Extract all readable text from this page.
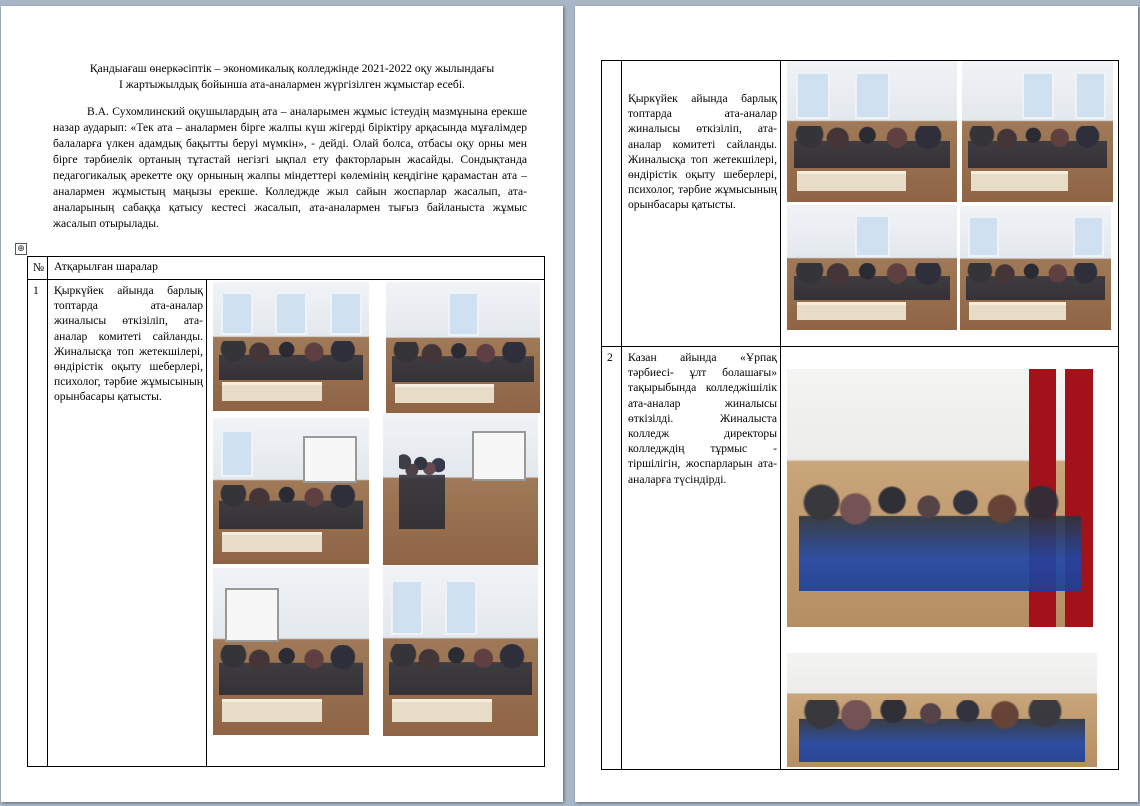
Қандыағаш өнеркәсіптік – экономикалық колледжінде 2021-2022 оқу жылындағы
I жартыжылдық бойынша ата-аналармен жүргізілген жұмыстар есебі.
В.А. Сухомлинский оқушылардың ата – аналарымен жұмыс істеудің мазмұнына ерекше назар аударып: «Тек ата – аналармен бірге жалпы күш жігерді біріктіру арқасында мұғалімдер балаларға үлкен адамдық бақытты беруі мүмкін», - дейді. Олай болса, отбасы оқу орны мен бірге тәрбиелік ортаның тұтастай негізгі ықпал ету факторларын жасайды. Сондықтанда педагогикалық әрекетте оқу орнының жалпы міндеттері көлемінің кеңдігіне қарамастан ата – аналармен жұмыстың маңызы ерекше. Колледжде жыл сайын жоспарлар жасалып, ата-аналарының сабаққа қатысу кестесі жасалып, ата-аналармен тығыз байланыста жұмыс жасалып отырылады.
⊕
№	Атқарылған шаралар	
1	Қыркүйек айында барлық топтарда ата-аналар жиналысы өткізіліп, ата-аналар комитеті сайланды. Жиналысқа топ жетекшілері, өндірістік оқыту шеберлері, психолог, тәрбие жұмысының орынбасары қатысты.	
	Қыркүйек айында барлық топтарда ата-аналар жиналысы өткізіліп, ата-аналар комитеті сайланды. Жиналысқа топ жетекшілері, өндірістік оқыту шеберлері, психолог, тәрбие жұмысының орынбасары қатысты.	

2	Казан айында «Ұрпақ тәрбиесі- ұлт болашағы» тақырыбында колледжішілік ата-аналар жиналысы өткізілді. Жиналыста колледж директоры колледждің тұрмыс - тіршілігін, жоспарларын ата-аналарға түсіндірді.	
